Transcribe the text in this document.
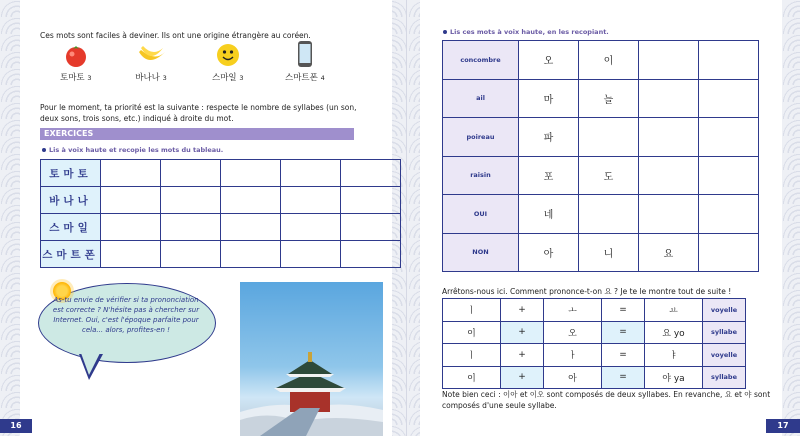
Ces mots sont faciles à deviner. Ils ont une origine étrangère au coréen.
토마토 3	바나나 3	스마일 3	스마트폰 4
Pour le moment, ta priorité est la suivante : respecte le nombre de syllabes (un son, deux sons, trois sons, etc.) indiqué à droite du mot.
EXERCICES
Lis à voix haute et recopie les mots du tableau.
토마토					
바나나					
스마일					
스마트폰					
As-tu envie de vérifier si ta prononciation est correcte ? N'hésite pas à chercher sur Internet. Oui, c'est l'époque parfaite pour cela... alors, profites-en !
16
Lis ces mots à voix haute, en les recopiant.
concombre	오	이		
ail	마	늘		
poireau	파			
raisin	포	도		
OUI	네			
NON	아	니	요	
Arrêtons-nous ici. Comment prononce-t-on 요 ? Je te le montre tout de suite !
ㅣ	+	ㅗ	=	ㅛ	voyelle
이	+	오	=	요 yo	syllabe
ㅣ	+	ㅏ	=	ㅑ	voyelle
이	+	아	=	야 ya	syllabe
Note bien ceci : 이아 et 이오 sont composés de deux syllabes. En revanche, 요 et 야 sont composés d'une seule syllabe.
17
